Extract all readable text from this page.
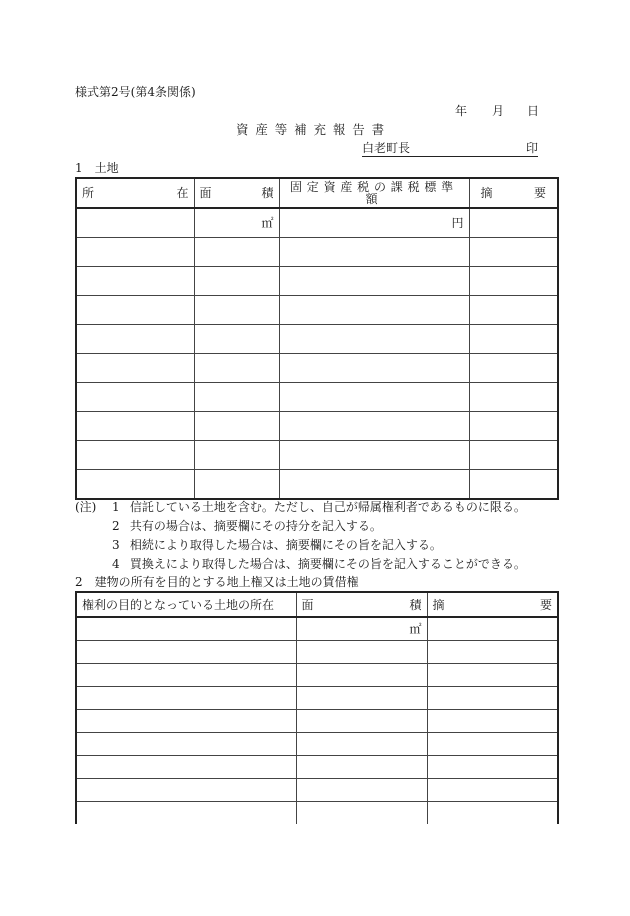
様式第2号(第4条関係)
年 月 日
資産等補充報告書
白老町長	印
1　土地
所 在	面 積	固定資産税の課税標準額	摘 要

	㎡	円	

(注) 1 信託している土地を含む。ただし、自己が帰属権利者であるものに限る。
2 共有の場合は、摘要欄にその持分を記入する。
3 相続により取得した場合は、摘要欄にその旨を記入する。
4 買換えにより取得した場合は、摘要欄にその旨を記入することができる。
2　建物の所有を目的とする地上権又は土地の賃借権
権利の目的となっている土地の所在	面 積	摘 要

	㎡	
